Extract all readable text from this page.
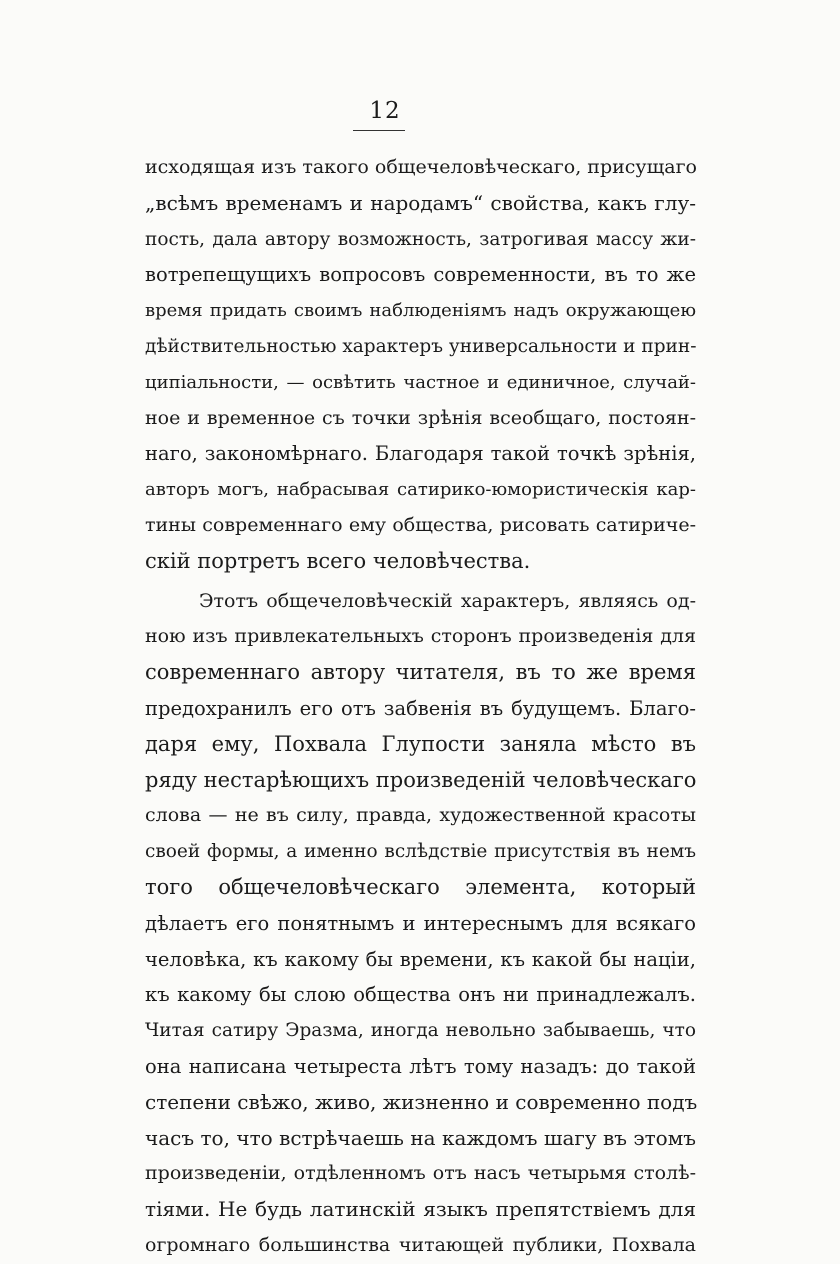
12
исходящая изъ такого общечеловѣческаго, присущаго
„всѣмъ временамъ и народамъ“ свойства, какъ глу-
пость, дала автору возможность, затрогивая массу жи-
вотрепещущихъ вопросовъ современности, въ то же
время придать своимъ наблюденіямъ надъ окружающею
дѣйствительностью характеръ универсальности и прин-
ципіальности, — освѣтить частное и единичное, случай-
ное и временное съ точки зрѣнія всеобщаго, постоян-
наго, закономѣрнаго. Благодаря такой точкѣ зрѣнія,
авторъ могъ, набрасывая сатирико-юмористическія кар-
тины современнаго ему общества, рисовать сатириче-
скій портретъ всего человѣчества.
Этотъ общечеловѣческій характеръ, являясь од-
ною изъ привлекательныхъ сторонъ произведенія для
современнаго автору читателя, въ то же время
предохранилъ его отъ забвенія въ будущемъ. Благо-
даря ему, Похвала Глупости заняла мѣсто въ
ряду нестарѣющихъ произведеній человѣческаго
слова — не въ силу, правда, художественной красоты
своей формы, а именно вслѣдствіе присутствія въ немъ
того общечеловѣческаго элемента, который
дѣлаетъ его понятнымъ и интереснымъ для всякаго
человѣка, къ какому бы времени, къ какой бы націи,
къ какому бы слою общества онъ ни принадлежалъ.
Читая сатиру Эразма, иногда невольно забываешь, что
она написана четыреста лѣтъ тому назадъ: до такой
степени свѣжо, живо, жизненно и современно подъ
часъ то, что встрѣчаешь на каждомъ шагу въ этомъ
произведеніи, отдѣленномъ отъ насъ четырьмя столѣ-
тіями. Не будь латинскій языкъ препятствіемъ для
огромнаго большинства читающей публики, Похвала
